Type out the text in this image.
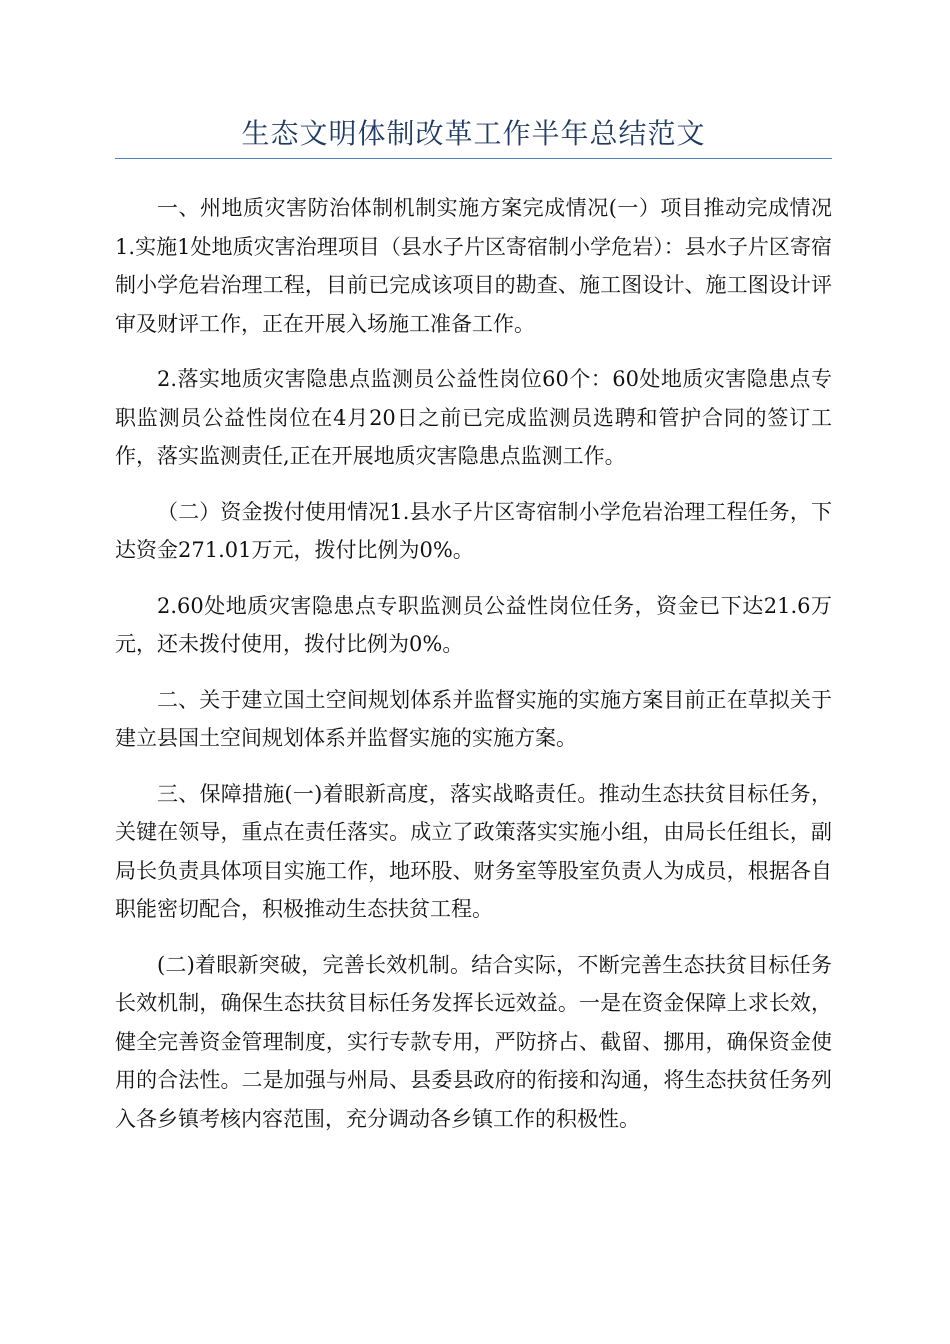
生态文明体制改革工作半年总结范文

一、州地质灾害防治体制机制实施方案完成情况(一）项目推动完成情况1.实施1处地质灾害治理项目（县水子片区寄宿制小学危岩）：县水子片区寄宿制小学危岩治理工程，目前已完成该项目的勘查、施工图设计、施工图设计评审及财评工作，正在开展入场施工准备工作。

2.落实地质灾害隐患点监测员公益性岗位60个：60处地质灾害隐患点专职监测员公益性岗位在4月20日之前已完成监测员选聘和管护合同的签订工作，落实监测责任,正在开展地质灾害隐患点监测工作。

（二）资金拨付使用情况1.县水子片区寄宿制小学危岩治理工程任务，下达资金271.01万元，拨付比例为0%。

2.60处地质灾害隐患点专职监测员公益性岗位任务，资金已下达21.6万元，还未拨付使用，拨付比例为0%。

二、关于建立国土空间规划体系并监督实施的实施方案目前正在草拟关于建立县国土空间规划体系并监督实施的实施方案。

三、保障措施(一)着眼新高度，落实战略责任。推动生态扶贫目标任务，关键在领导，重点在责任落实。成立了政策落实实施小组，由局长任组长，副局长负责具体项目实施工作，地环股、财务室等股室负责人为成员，根据各自职能密切配合，积极推动生态扶贫工程。

(二)着眼新突破，完善长效机制。结合实际，不断完善生态扶贫目标任务长效机制，确保生态扶贫目标任务发挥长远效益。一是在资金保障上求长效，健全完善资金管理制度，实行专款专用，严防挤占、截留、挪用，确保资金使用的合法性。二是加强与州局、县委县政府的衔接和沟通，将生态扶贫任务列入各乡镇考核内容范围，充分调动各乡镇工作的积极性。
